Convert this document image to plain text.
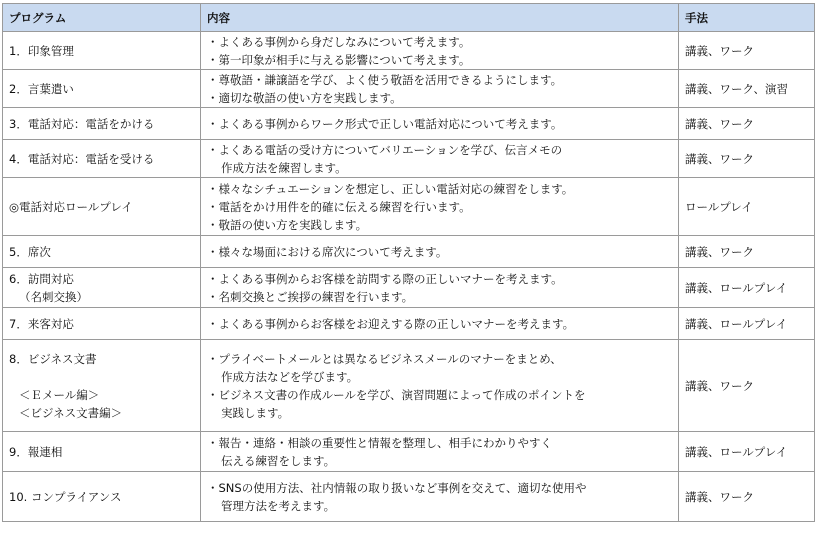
プログラム	内容	手法

1．印象管理	・よくある事例から身だしなみについて考えます。
・第一印象が相手に与える影響について考えます。	講義、ワーク

2．言葉遣い	・尊敬語・謙譲語を学び、よく使う敬語を活用できるようにします。
・適切な敬語の使い方を実践します。	講義、ワーク、演習

3．電話対応：電話をかける	・よくある事例からワーク形式で正しい電話対応について考えます。	講義、ワーク

4．電話対応：電話を受ける	・よくある電話の受け方についてバリエーションを学び、伝言メモの
作成方法を練習します。	講義、ワーク

◎電話対応ロールプレイ	・様々なシチュエーションを想定し、正しい電話対応の練習をします。
・電話をかけ用件を的確に伝える練習を行います。
・敬語の使い方を実践します。	ロールプレイ

5．席次	・様々な場面における席次について考えます。	講義、ワーク

6．訪問対応
（名刺交換）	・よくある事例からお客様を訪問する際の正しいマナーを考えます。
・名刺交換とご挨拶の練習を行います。	講義、ロールプレイ

7．来客対応	・よくある事例からお客様をお迎えする際の正しいマナーを考えます。	講義、ロールプレイ

8．ビジネス文書
＜Ｅメール編＞
＜ビジネス文書編＞	・プライベートメールとは異なるビジネスメールのマナーをまとめ、
作成方法などを学びます。
・ビジネス文書の作成ルールを学び、演習問題によって作成のポイントを
実践します。	講義、ワーク

9．報連相	・報告・連絡・相談の重要性と情報を整理し、相手にわかりやすく
伝える練習をします。	講義、ロールプレイ

10. コンプライアンス	・SNSの使用方法、社内情報の取り扱いなど事例を交えて、適切な使用や
管理方法を考えます。	講義、ワーク
